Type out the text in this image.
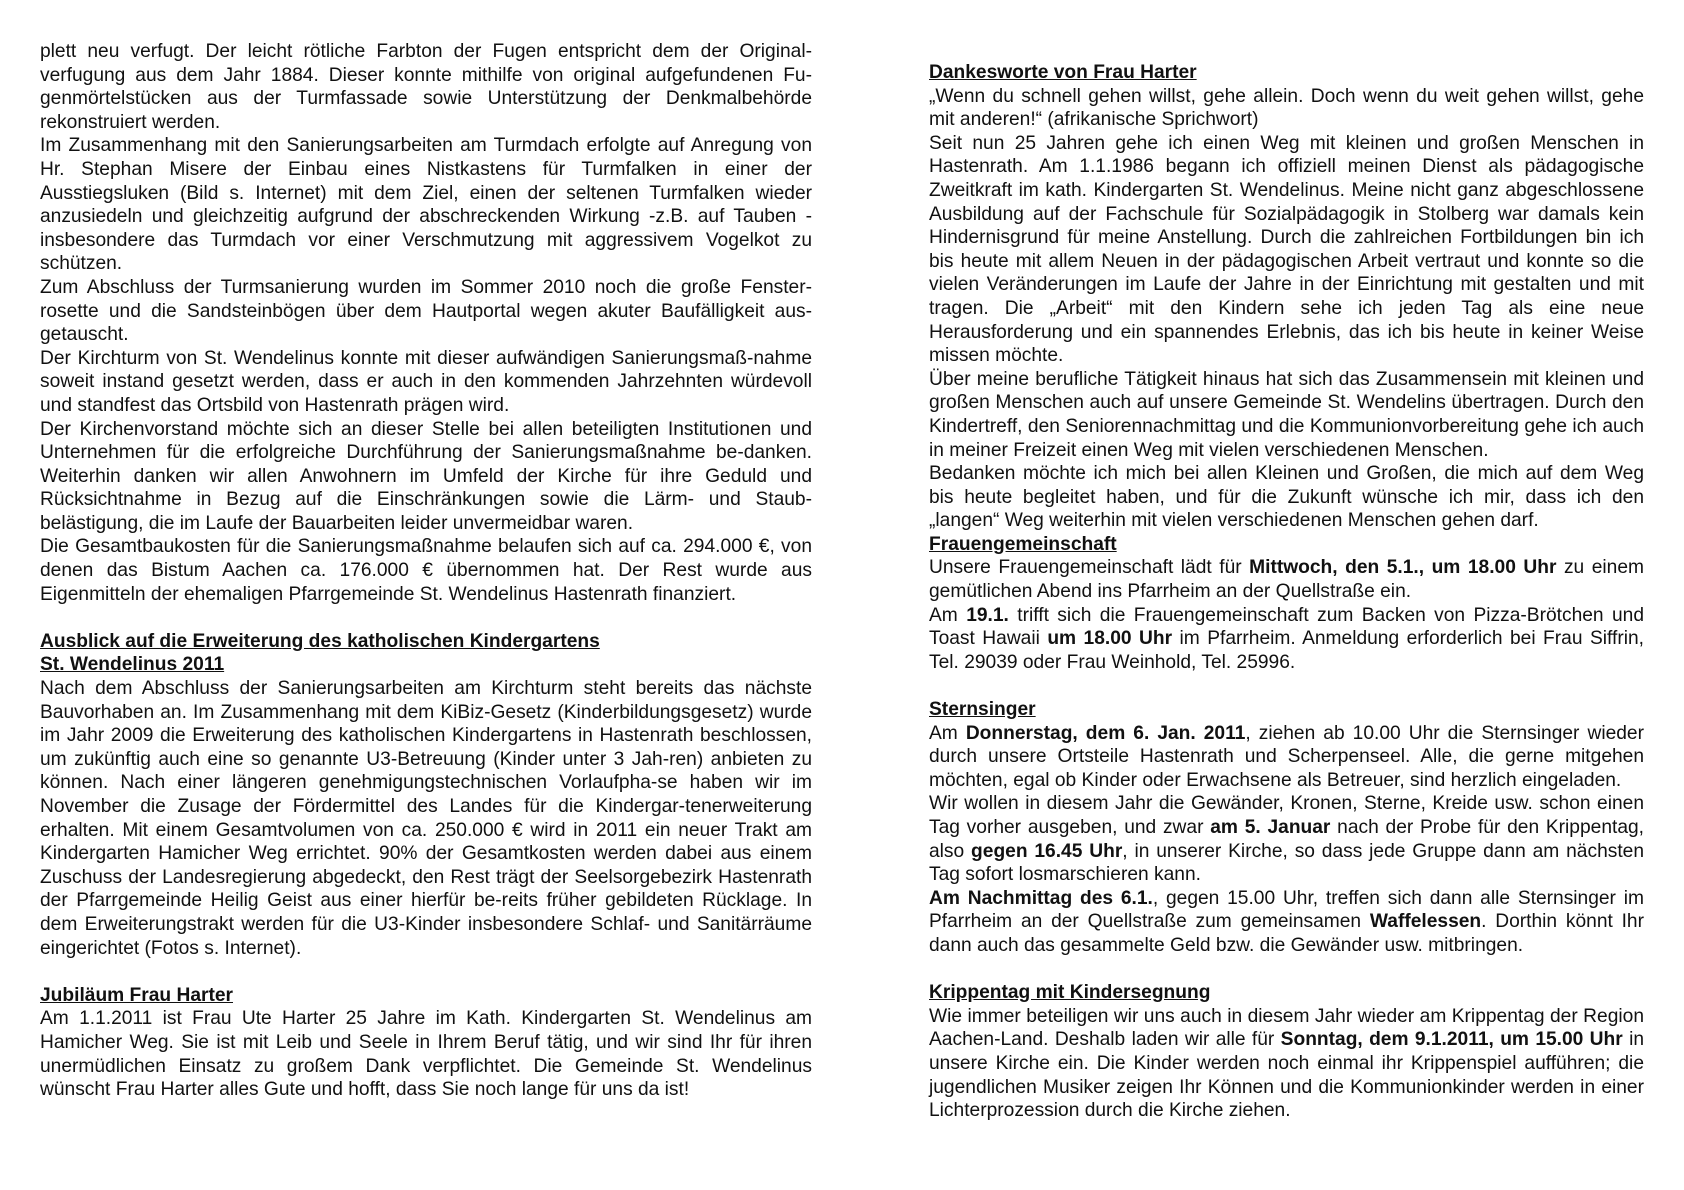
plett neu verfugt. Der leicht rötliche Farbton der Fugen entspricht dem der Original-verfugung aus dem Jahr 1884. Dieser konnte mithilfe von original aufgefundenen Fu-genmörtelstücken aus der Turmfassade sowie Unterstützung der Denkmalbehörde rekonstruiert werden.

Im Zusammenhang mit den Sanierungsarbeiten am Turmdach erfolgte auf Anregung von Hr. Stephan Misere der Einbau eines Nistkastens für Turmfalken in einer der Ausstiegsluken (Bild s. Internet) mit dem Ziel, einen der seltenen Turmfalken wieder anzusiedeln und gleichzeitig aufgrund der abschreckenden Wirkung -z.B. auf Tauben - insbesondere das Turmdach vor einer Verschmutzung mit aggressivem Vogelkot zu schützen.

Zum Abschluss der Turmsanierung wurden im Sommer 2010 noch die große Fenster-rosette und die Sandsteinbögen über dem Hautportal wegen akuter Baufälligkeit aus-getauscht.

Der Kirchturm von St. Wendelinus konnte mit dieser aufwändigen Sanierungsmaß-nahme soweit instand gesetzt werden, dass er auch in den kommenden Jahrzehnten würdevoll und standfest das Ortsbild von Hastenrath prägen wird.

Der Kirchenvorstand möchte sich an dieser Stelle bei allen beteiligten Institutionen und Unternehmen für die erfolgreiche Durchführung der Sanierungsmaßnahme be-danken. Weiterhin danken wir allen Anwohnern im Umfeld der Kirche für ihre Geduld und Rücksichtnahme in Bezug auf die Einschränkungen sowie die Lärm- und Staub-belästigung, die im Laufe der Bauarbeiten leider unvermeidbar waren.

Die Gesamtbaukosten für die Sanierungsmaßnahme belaufen sich auf ca. 294.000 €, von denen das Bistum Aachen ca. 176.000 € übernommen hat. Der Rest wurde aus Eigenmitteln der ehemaligen Pfarrgemeinde St. Wendelinus Hastenrath finanziert.

Ausblick auf die Erweiterung des katholischen Kindergartens

St. Wendelinus 2011

Nach dem Abschluss der Sanierungsarbeiten am Kirchturm steht bereits das nächste Bauvorhaben an. Im Zusammenhang mit dem KiBiz-Gesetz (Kinderbildungsgesetz) wurde im Jahr 2009 die Erweiterung des katholischen Kindergartens in Hastenrath beschlossen, um zukünftig auch eine so genannte U3-Betreuung (Kinder unter 3 Jah-ren) anbieten zu können. Nach einer längeren genehmigungstechnischen Vorlaufpha-se haben wir im November die Zusage der Fördermittel des Landes für die Kindergar-tenerweiterung erhalten. Mit einem Gesamtvolumen von ca. 250.000 € wird in 2011 ein neuer Trakt am Kindergarten Hamicher Weg errichtet. 90% der Gesamtkosten werden dabei aus einem Zuschuss der Landesregierung abgedeckt, den Rest trägt der Seelsorgebezirk Hastenrath der Pfarrgemeinde Heilig Geist aus einer hierfür be-reits früher gebildeten Rücklage. In dem Erweiterungstrakt werden für die U3-Kinder insbesondere Schlaf- und Sanitärräume eingerichtet (Fotos s. Internet).

Jubiläum Frau Harter

Am 1.1.2011 ist Frau Ute Harter 25 Jahre im Kath. Kindergarten St. Wendelinus am Hamicher Weg. Sie ist mit Leib und Seele in Ihrem Beruf tätig, und wir sind Ihr für ihren unermüdlichen Einsatz zu großem Dank verpflichtet. Die Gemeinde St. Wendelinus wünscht Frau Harter alles Gute und hofft, dass Sie noch lange für uns da ist!

Dankesworte von Frau Harter

„Wenn du schnell gehen willst, gehe allein. Doch wenn du weit gehen willst, gehe mit anderen!“ (afrikanische Sprichwort)

Seit nun 25 Jahren gehe ich einen Weg mit kleinen und großen Menschen in Hastenrath. Am 1.1.1986 begann ich offiziell meinen Dienst als pädagogische Zweitkraft im kath. Kindergarten St. Wendelinus. Meine nicht ganz abgeschlossene Ausbildung auf der Fachschule für Sozialpädagogik in Stolberg war damals kein Hindernisgrund für meine Anstellung. Durch die zahlreichen Fortbildungen bin ich bis heute mit allem Neuen in der pädagogischen Arbeit vertraut und konnte so die vielen Veränderungen im Laufe der Jahre in der Einrichtung mit gestalten und mit tragen. Die „Arbeit“ mit den Kindern sehe ich jeden Tag als eine neue Herausforderung und ein spannendes Erlebnis, das ich bis heute in keiner Weise missen möchte.

Über meine berufliche Tätigkeit hinaus hat sich das Zusammensein mit kleinen und großen Menschen auch auf unsere Gemeinde St. Wendelins übertragen. Durch den Kindertreff, den Seniorennachmittag und die Kommunionvorbereitung gehe ich auch in meiner Freizeit einen Weg mit vielen verschiedenen Menschen.

Bedanken möchte ich mich bei allen Kleinen und Großen, die mich auf dem Weg bis heute begleitet haben, und für die Zukunft wünsche ich mir, dass ich den „langen“ Weg weiterhin mit vielen verschiedenen Menschen gehen darf.

Frauengemeinschaft

Unsere Frauengemeinschaft lädt für Mittwoch, den 5.1., um 18.00 Uhr zu einem gemütlichen Abend ins Pfarrheim an der Quellstraße ein.

Am 19.1. trifft sich die Frauengemeinschaft zum Backen von Pizza-Brötchen und Toast Hawaii um 18.00 Uhr im Pfarrheim. Anmeldung erforderlich bei Frau Siffrin, Tel. 29039 oder Frau Weinhold, Tel. 25996.

Sternsinger

Am Donnerstag, dem 6. Jan. 2011, ziehen ab 10.00 Uhr die Sternsinger wieder durch unsere Ortsteile Hastenrath und Scherpenseel. Alle, die gerne mitgehen möchten, egal ob Kinder oder Erwachsene als Betreuer, sind herzlich eingeladen.

Wir wollen in diesem Jahr die Gewänder, Kronen, Sterne, Kreide usw. schon einen Tag vorher ausgeben, und zwar am 5. Januar nach der Probe für den Krippentag, also gegen 16.45 Uhr, in unserer Kirche, so dass jede Gruppe dann am nächsten Tag sofort losmarschieren kann.

Am Nachmittag des 6.1., gegen 15.00 Uhr, treffen sich dann alle Sternsinger im Pfarrheim an der Quellstraße zum gemeinsamen Waffelessen. Dorthin könnt Ihr dann auch das gesammelte Geld bzw. die Gewänder usw. mitbringen.

Krippentag mit Kindersegnung

Wie immer beteiligen wir uns auch in diesem Jahr wieder am Krippentag der Region Aachen-Land. Deshalb laden wir alle für Sonntag, dem 9.1.2011, um 15.00 Uhr in unsere Kirche ein. Die Kinder werden noch einmal ihr Krippenspiel aufführen; die jugendlichen Musiker zeigen Ihr Können und die Kommunionkinder werden in einer Lichterprozession durch die Kirche ziehen.
